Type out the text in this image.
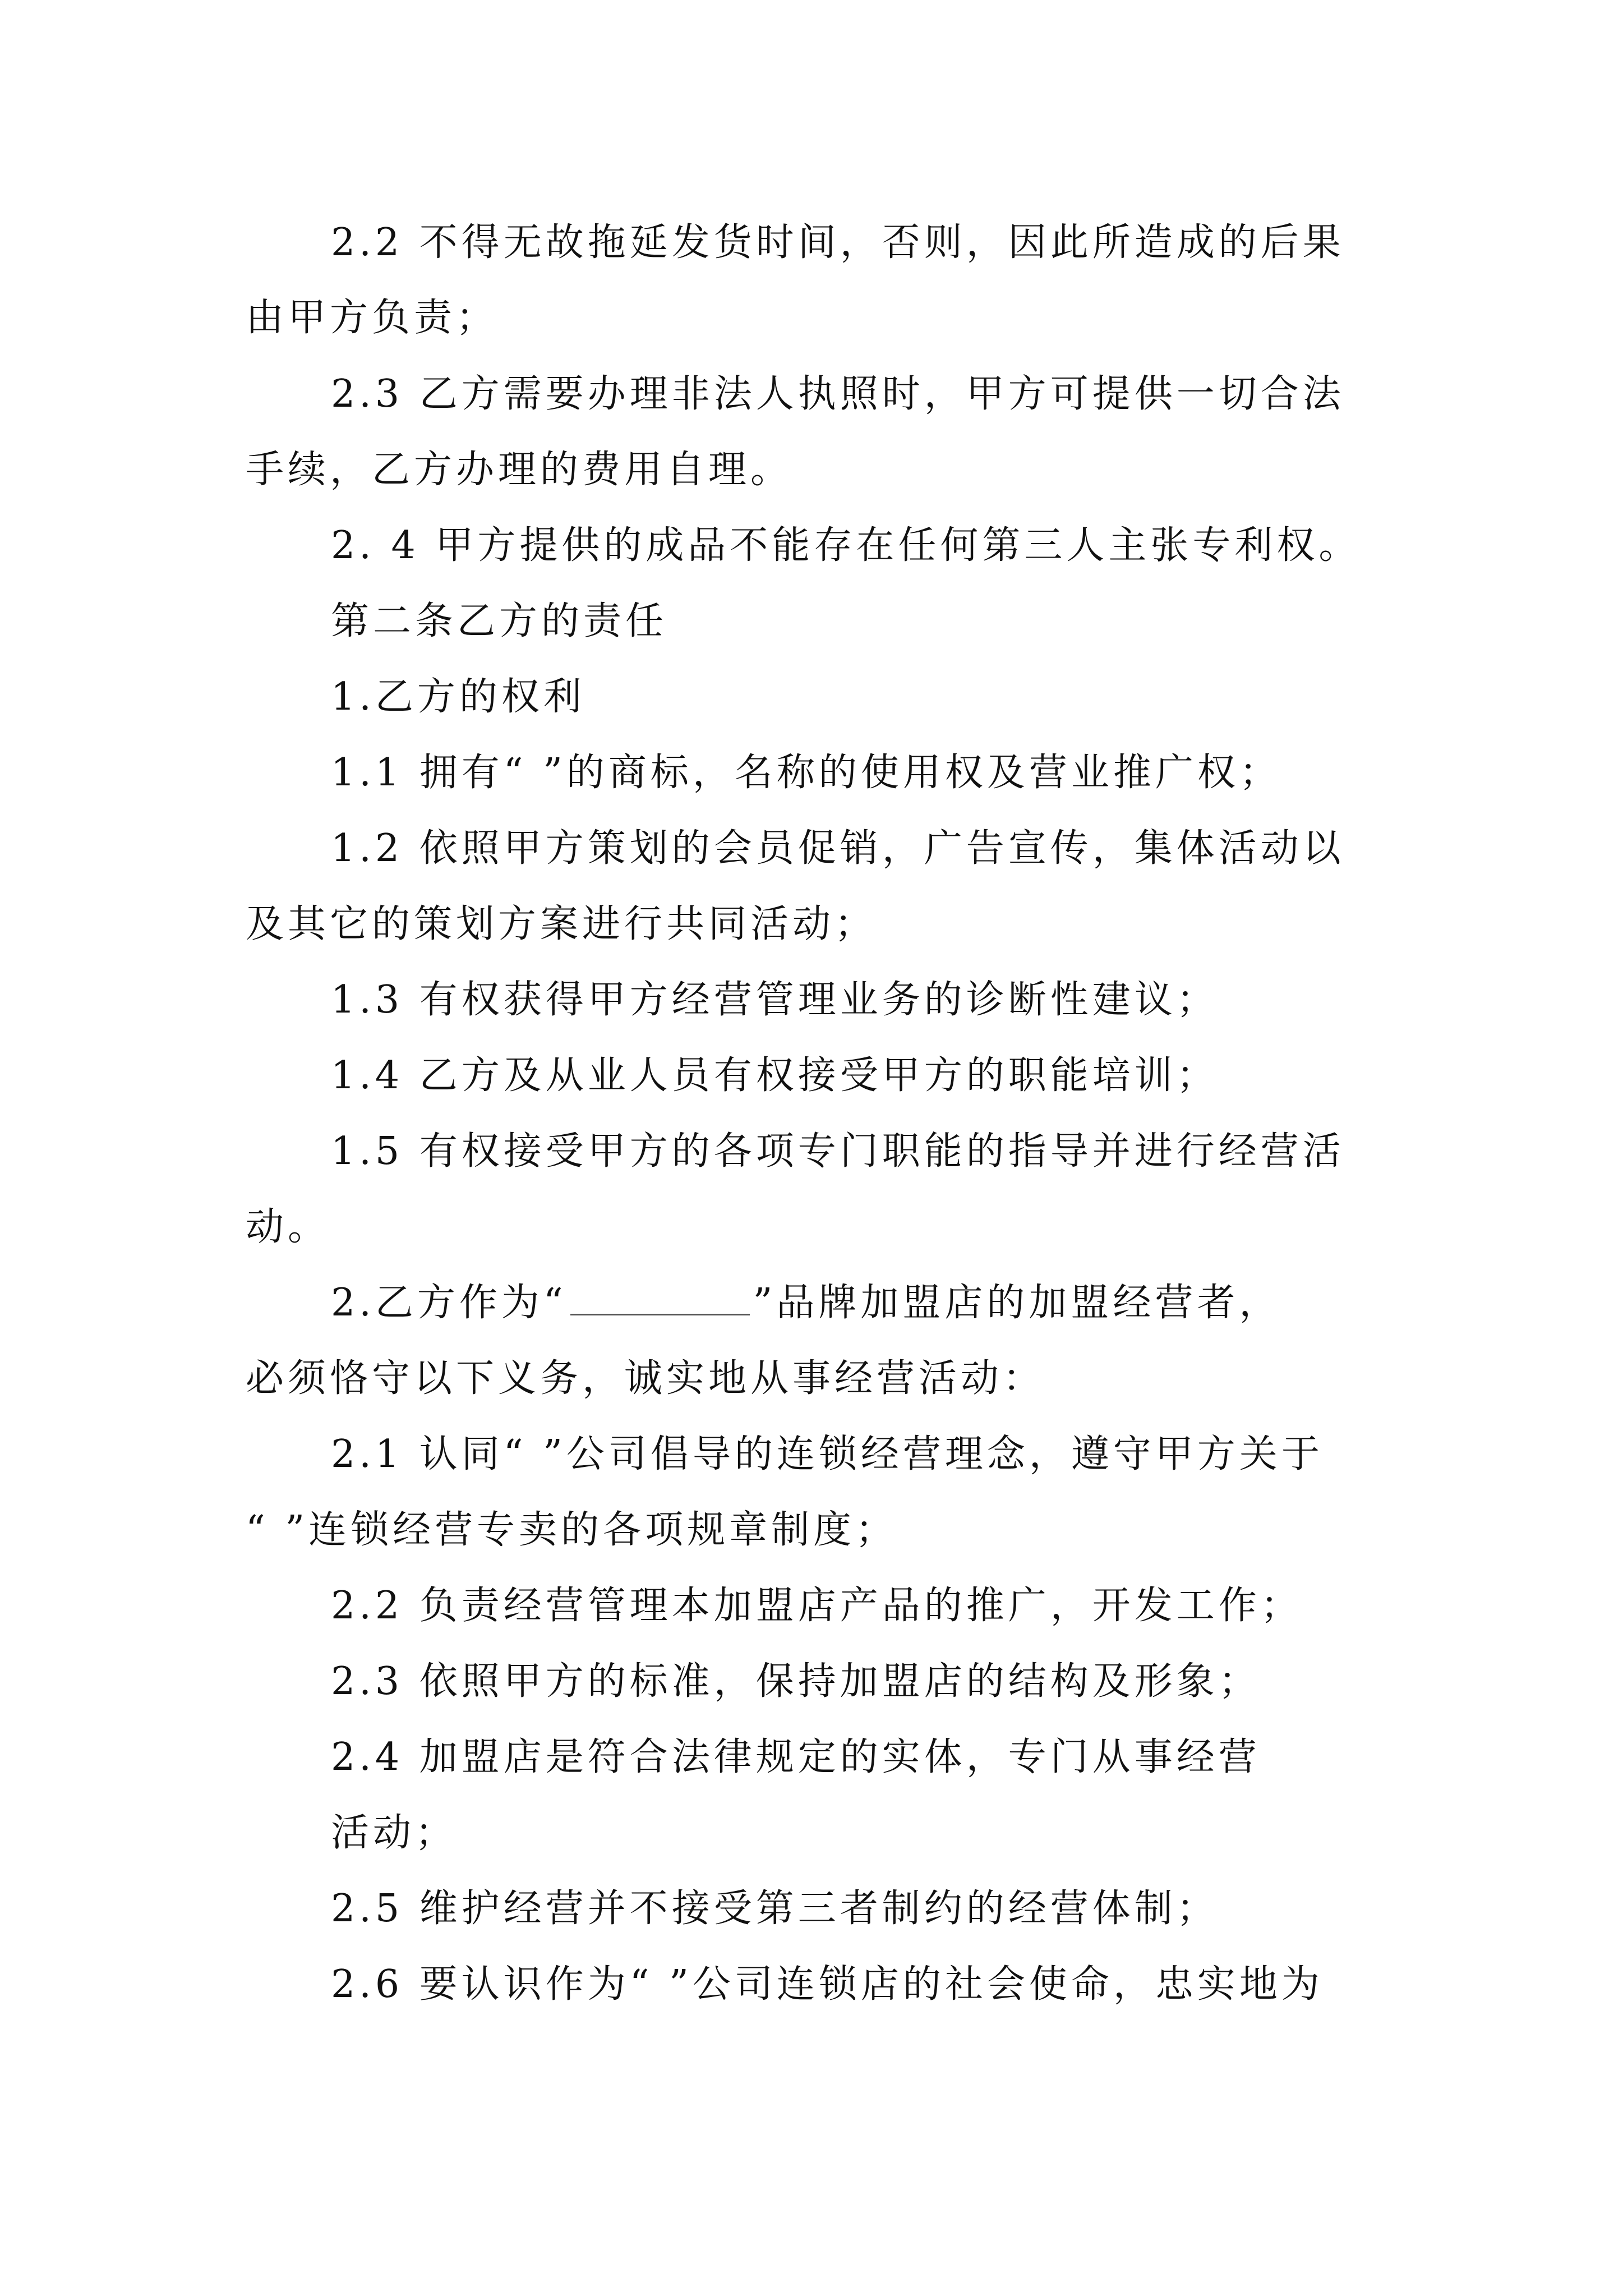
2.2 不得无故拖延发货时间，否则，因此所造成的后果

由甲方负责；

2.3 乙方需要办理非法人执照时，甲方可提供一切合法

手续，乙方办理的费用自理。

2. 4 甲方提供的成品不能存在任何第三人主张专利权。

第二条乙方的责任

1.乙方的权利

1.1 拥有“ ”的商标，名称的使用权及营业推广权；

1.2 依照甲方策划的会员促销，广告宣传，集体活动以

及其它的策划方案进行共同活动；

1.3 有权获得甲方经营管理业务的诊断性建议；

1.4 乙方及从业人员有权接受甲方的职能培训；

1.5 有权接受甲方的各项专门职能的指导并进行经营活

动。

2.乙方作为“	”品牌加盟店的加盟经营者，

必须恪守以下义务，诚实地从事经营活动：

2.1 认同“ ”公司倡导的连锁经营理念，遵守甲方关于

“ ”连锁经营专卖的各项规章制度；

2.2 负责经营管理本加盟店产品的推广，开发工作；

2.3 依照甲方的标准，保持加盟店的结构及形象；

2.4 加盟店是符合法律规定的实体，专门从事经营

活动；

2.5 维护经营并不接受第三者制约的经营体制；

2.6 要认识作为“ ”公司连锁店的社会使命，忠实地为
